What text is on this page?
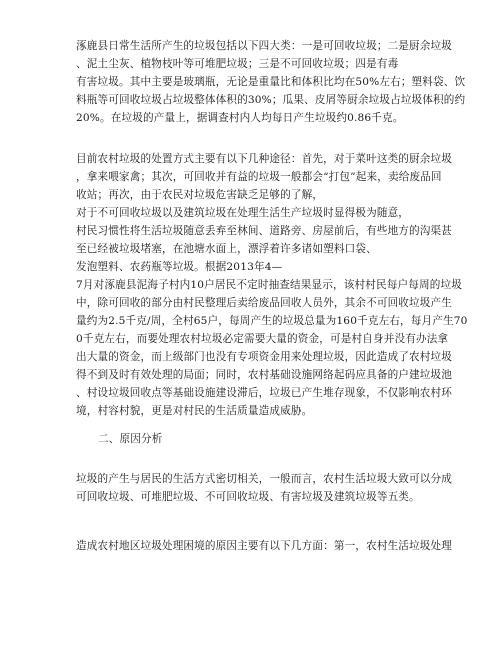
涿鹿县日常生活所产生的垃圾包括以下四大类：一是可回收垃圾；二是厨余垃圾
、泥土尘灰、植物枝叶等可堆肥垃圾；三是不可回收垃圾；四是有毒
有害垃圾。其中主要是玻璃瓶，无论是重量比和体积比均在50%左右；塑料袋、饮
料瓶等可回收垃圾占垃圾整体体积的30%；瓜果、皮屑等厨余垃圾占垃圾体积的约
20%。在垃圾的产量上，据调查村内人均每日产生垃圾约0.86千克。
目前农村垃圾的处置方式主要有以下几种途径：首先，对于菜叶这类的厨余垃圾
，拿来喂家禽；其次，可回收并有益的垃圾一般都会“打包”起来，卖给废品回
收站；再次，由于农民对垃圾危害缺乏足够的了解，
对于不可回收垃圾以及建筑垃圾在处理生活生产垃圾时显得极为随意，
村民习惯性将生活垃圾随意丢弃至林间、道路旁、房屋前后，有些地方的沟渠甚
至已经被垃圾堵塞，在池塘水面上，漂浮着许多诸如塑料口袋、
发泡塑料、农药瓶等垃圾。根据2013年4—
7月对涿鹿县泥海子村内10户居民不定时抽查结果显示，该村村民每户每周的垃圾
中，除可回收的部分由村民整理后卖给废品回收人员外，其余不可回收垃圾产生
量约为2.5千克/周，全村65户，每周产生的垃圾总量为160千克左右，每月产生70
0千克左右，而要处理农村垃圾必定需要大量的资金，可是村自身并没有办法拿
出大量的资金，而上级部门也没有专项资金用来处理垃圾，因此造成了农村垃圾
得不到及时有效处理的局面；同时，农村基础设施网络起码应具备的户建垃圾池
、村设垃圾回收点等基础设施建设滞后，垃圾已产生堆存现象，不仅影响农村环
境，村容村貌，更是对村民的生活质量造成威胁。
二、原因分析
垃圾的产生与居民的生活方式密切相关，一般而言，农村生活垃圾大致可以分成
可回收垃圾、可堆肥垃圾、不可回收垃圾、有害垃圾及建筑垃圾等五类。
造成农村地区垃圾处理困境的原因主要有以下几方面：第一，农村生活垃圾处理
